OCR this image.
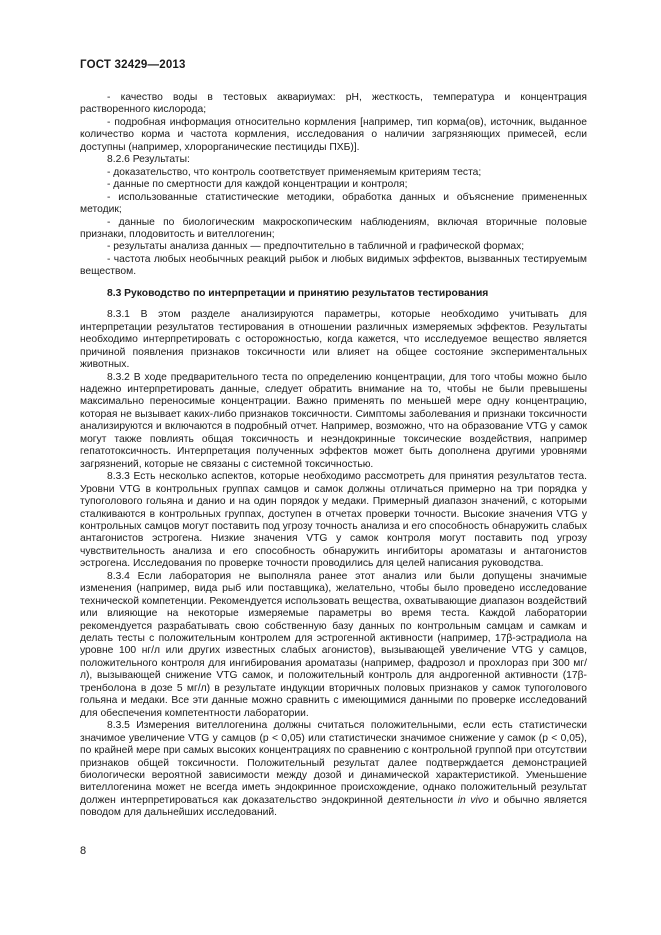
ГОСТ 32429—2013

- качество воды в тестовых аквариумах: pH, жесткость, температура и концентрация растворенного кислорода;

- подробная информация относительно кормления [например, тип корма(ов), источник, выданное количество корма и частота кормления, исследования о наличии загрязняющих примесей, если доступны (например, хлорорганические пестициды ПХБ)].

8.2.6 Результаты:

- доказательство, что контроль соответствует применяемым критериям теста;

- данные по смертности для каждой концентрации и контроля;

- использованные статистические методики, обработка данных и объяснение примененных методик;

- данные по биологическим макроскопическим наблюдениям, включая вторичные половые признаки, плодовитость и вителлогенин;

- результаты анализа данных — предпочтительно в табличной и графической формах;

- частота любых необычных реакций рыбок и любых видимых эффектов, вызванных тестируемым веществом.

8.3 Руководство по интерпретации и принятию результатов тестирования

8.3.1 В этом разделе анализируются параметры, которые необходимо учитывать для интерпретации результатов тестирования в отношении различных измеряемых эффектов. Результаты необходимо интерпретировать с осторожностью, когда кажется, что исследуемое вещество является причиной появления признаков токсичности или влияет на общее состояние экспериментальных животных.

8.3.2 В ходе предварительного теста по определению концентрации, для того чтобы можно было надежно интерпретировать данные, следует обратить внимание на то, чтобы не были превышены максимально переносимые концентрации. Важно применять по меньшей мере одну концентрацию, которая не вызывает каких-либо признаков токсичности. Симптомы заболевания и признаки токсичности анализируются и включаются в подробный отчет. Например, возможно, что на образование VTG у самок могут также повлиять общая токсичность и неэндокринные токсические воздействия, например гепатотоксичность. Интерпретация полученных эффектов может быть дополнена другими уровнями загрязнений, которые не связаны с системной токсичностью.

8.3.3 Есть несколько аспектов, которые необходимо рассмотреть для принятия результатов теста. Уровни VTG в контрольных группах самцов и самок должны отличаться примерно на три порядка у тупоголового гольяна и данио и на один порядок у медаки. Примерный диапазон значений, с которыми сталкиваются в контрольных группах, доступен в отчетах проверки точности. Высокие значения VTG у контрольных самцов могут поставить под угрозу точность анализа и его способность обнаружить слабых антагонистов эстрогена. Низкие значения VTG у самок контроля могут поставить под угрозу чувствительность анализа и его способность обнаружить ингибиторы ароматазы и антагонистов эстрогена. Исследования по проверке точности проводились для целей написания руководства.

8.3.4 Если лаборатория не выполняла ранее этот анализ или были допущены значимые изменения (например, вида рыб или поставщика), желательно, чтобы было проведено исследование технической компетенции. Рекомендуется использовать вещества, охватывающие диапазон воздействий или влияющие на некоторые измеряемые параметры во время теста. Каждой лаборатории рекомендуется разрабатывать свою собственную базу данных по контрольным самцам и самкам и делать тесты с положительным контролем для эстрогенной активности (например, 17β-эстрадиола на уровне 100 нг/л или других известных слабых агонистов), вызывающей увеличение VTG у самцов, положительного контроля для ингибирования ароматазы (например, фадрозол и прохлораз при 300 мг/л), вызывающей снижение VTG самок, и положительный контроль для андрогенной активности (17β-тренболона в дозе 5 мг/л) в результате индукции вторичных половых признаков у самок тупоголового гольяна и медаки. Все эти данные можно сравнить с имеющимися данными по проверке исследований для обеспечения компетентности лаборатории.

8.3.5 Измерения вителлогенина должны считаться положительными, если есть статистически значимое увеличение VTG у самцов (р < 0,05) или статистически значимое снижение у самок (р < 0,05), по крайней мере при самых высоких концентрациях по сравнению с контрольной группой при отсутствии признаков общей токсичности. Положительный результат далее подтверждается демонстрацией биологически вероятной зависимости между дозой и динамической характеристикой. Уменьшение вителлогенина может не всегда иметь эндокринное происхождение, однако положительный результат должен интерпретироваться как доказательство эндокринной деятельности in vivo и обычно является поводом для дальнейших исследований.

8
